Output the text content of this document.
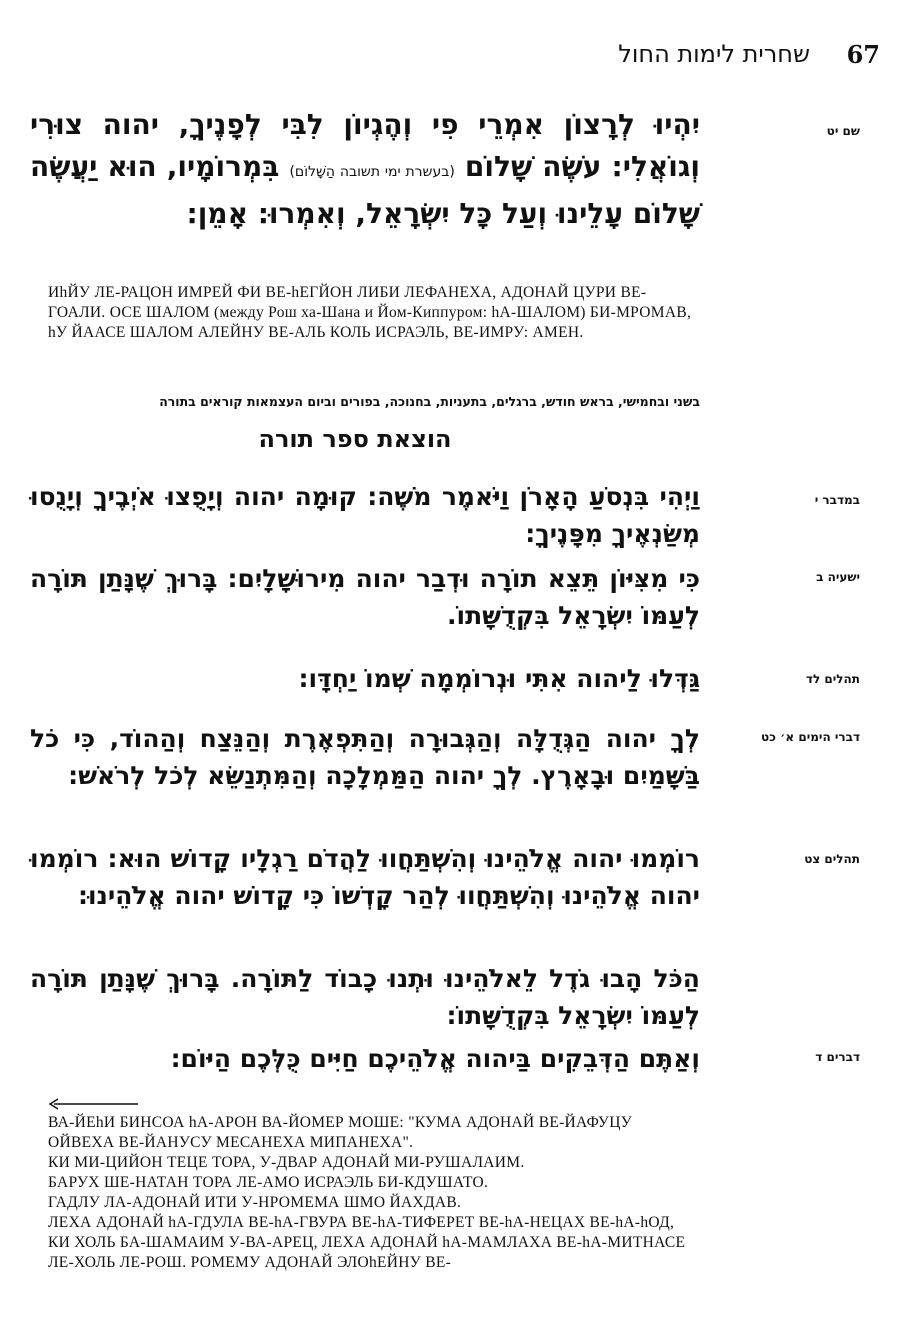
שחרית לימות החול	67
שם יט
יִהְיוּ לְרָצוֹן אִמְרֵי פִי וְהֶגְיוֹן לִבִּי לְפָנֶיךָ, יהוה צוּרִי וְגוֹאֲלִי: עֹשֶׂה שָׁלוֹם (בעשרת ימי תשובה הַשָּׁלוֹם) בִּמְרוֹמָיו, הוּא יַעֲשֶׂה שָׁלוֹם עָלֵינוּ וְעַל כָּל יִשְׂרָאֵל, וְאִמְרוּ: אָמֵן:
ИhЙУ ЛЕ-РАЦОН ИМРЕЙ ФИ ВЕ-hЕГЙОН ЛИБИ ЛЕФАНЕХА, АДОНАЙ ЦУРИ ВЕ-ГОАЛИ. ОСЕ ШАЛОМ (между Рош ха-Шана и Йом-Киппуром: hА-ШАЛОМ) БИ-МРОМАВ, hУ ЙААСЕ ШАЛОМ АЛЕЙНУ ВЕ-АЛЬ КОЛЬ ИСРАЭЛЬ, ВЕ-ИМРУ: АМЕН.
בשני ובחמישי, בראש חודש, ברגלים, בתעניות, בחנוכה, בפורים וביום העצמאות קוראים בתורה
הוצאת ספר תורה
במדבר י
וַיְהִי בִּנְסֹעַ הָאָרֹן וַיֹּאמֶר מֹשֶׁה: קוּמָה יהוה וְיָפֻצוּ אֹיְבֶיךָ וְיָנֻסוּ מְשַׂנְאֶיךָ מִפָּנֶיךָ:
ישעיה ב
כִּי מִצִּיּוֹן תֵּצֵא תוֹרָה וּדְבַר יהוה מִירוּשָׁלָיִם: בָּרוּךְ שֶׁנָּתַן תּוֹרָה לְעַמּוֹ יִשְׂרָאֵל בִּקְדֻשָּׁתוֹ.
תהלים לד
גַּדְּלוּ לַיהוה אִתִּי וּנְרוֹמְמָה שְׁמוֹ יַחְדָּו:
דברי הימים א׳ כט
לְךָ יהוה הַגְּדֻלָּה וְהַגְּבוּרָה וְהַתִּפְאֶרֶת וְהַנֵּצַח וְהַהוֹד, כִּי כֹל בַּשָּׁמַיִם וּבָאָרֶץ. לְךָ יהוה הַמַּמְלָכָה וְהַמִּתְנַשֵּׂא לְכֹל לְרֹאשׁ:
תהלים צט
רוֹמְמוּ יהוה אֱלֹהֵינוּ וְהִשְׁתַּחֲווּ לַהֲדֹם רַגְלָיו קָדוֹשׁ הוּא: רוֹמְמוּ יהוה אֱלֹהֵינוּ וְהִשְׁתַּחֲווּ לְהַר קָדְשׁוֹ כִּי קָדוֹשׁ יהוה אֱלֹהֵינוּ:
הַכֹּל הָבוּ גֹדֶל לֵאלֹהֵינוּ וּתְנוּ כָבוֹד לַתּוֹרָה. בָּרוּךְ שֶׁנָּתַן תּוֹרָה לְעַמּוֹ יִשְׂרָאֵל בִּקְדֻשָּׁתוֹ:
דברים ד
וְאַתֶּם הַדְּבֵקִים בַּיהוה אֱלֹהֵיכֶם חַיִּים כֻּלְּכֶם הַיּוֹם:
ВА-ЙЕhИ БИНСОА hА-АРОН ВА-ЙОМЕР МОШЕ: "КУМА АДОНАЙ ВЕ-ЙАФУЦУ ОЙВЕХА ВЕ-ЙАНУСУ МЕСАНЕХА МИПАНЕХА".
КИ МИ-ЦИЙОН ТЕЦЕ ТОРА, У-ДВАР АДОНАЙ МИ-РУШАЛАИМ.
БАРУХ ШЕ-НАТАН ТОРА ЛЕ-АМО ИСРАЭЛЬ БИ-КДУШАТО.
ГАДЛУ ЛА-АДОНАЙ ИТИ У-НРОМЕМА ШМО ЙАХДАВ.
ЛЕХА АДОНАЙ hА-ГДУЛА ВЕ-hА-ГВУРА ВЕ-hА-ТИФЕРЕТ ВЕ-hА-НЕЦАХ ВЕ-hА-hОД, КИ ХОЛЬ БА-ШАМАИМ У-ВА-АРЕЦ, ЛЕХА АДОНАЙ hА-МАМЛАХА ВЕ-hА-МИТНАСЕ ЛЕ-ХОЛЬ ЛЕ-РОШ. РОМЕМУ АДОНАЙ ЭЛОhЕЙНУ ВЕ-
